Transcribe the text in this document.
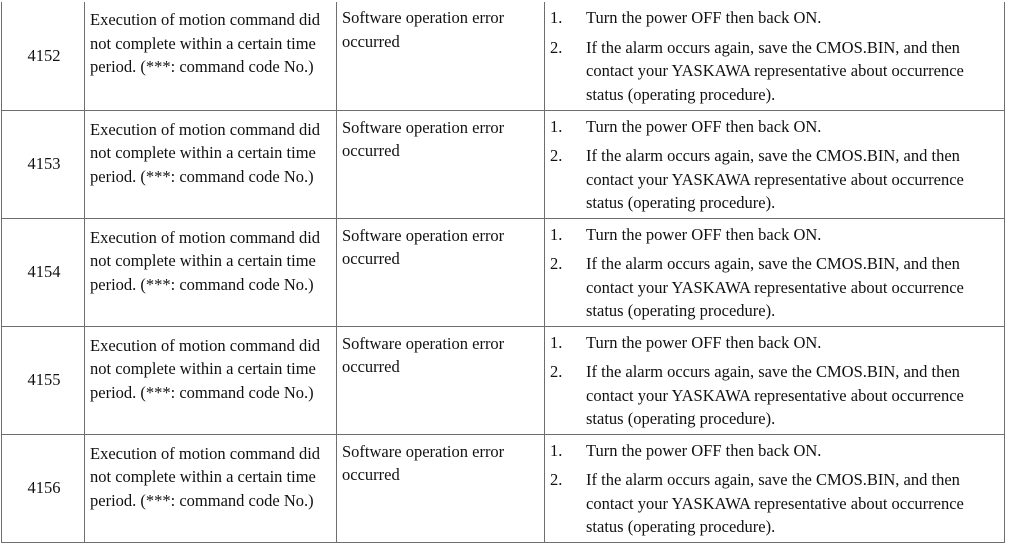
4152	Execution of motion command did not complete within a certain time period. (***: command code No.)	Software operation error occurred	1. Turn the power OFF then back ON.
2. If the alarm occurs again, save the CMOS.BIN, and then contact your YASKAWA representative about occurrence status (operating procedure).

4153	Execution of motion command did not complete within a certain time period. (***: command code No.)	Software operation error occurred	1. Turn the power OFF then back ON.
2. If the alarm occurs again, save the CMOS.BIN, and then contact your YASKAWA representative about occurrence status (operating procedure).

4154	Execution of motion command did not complete within a certain time period. (***: command code No.)	Software operation error occurred	1. Turn the power OFF then back ON.
2. If the alarm occurs again, save the CMOS.BIN, and then contact your YASKAWA representative about occurrence status (operating procedure).

4155	Execution of motion command did not complete within a certain time period. (***: command code No.)	Software operation error occurred	1. Turn the power OFF then back ON.
2. If the alarm occurs again, save the CMOS.BIN, and then contact your YASKAWA representative about occurrence status (operating procedure).

4156	Execution of motion command did not complete within a certain time period. (***: command code No.)	Software operation error occurred	1. Turn the power OFF then back ON.
2. If the alarm occurs again, save the CMOS.BIN, and then contact your YASKAWA representative about occurrence status (operating procedure).
